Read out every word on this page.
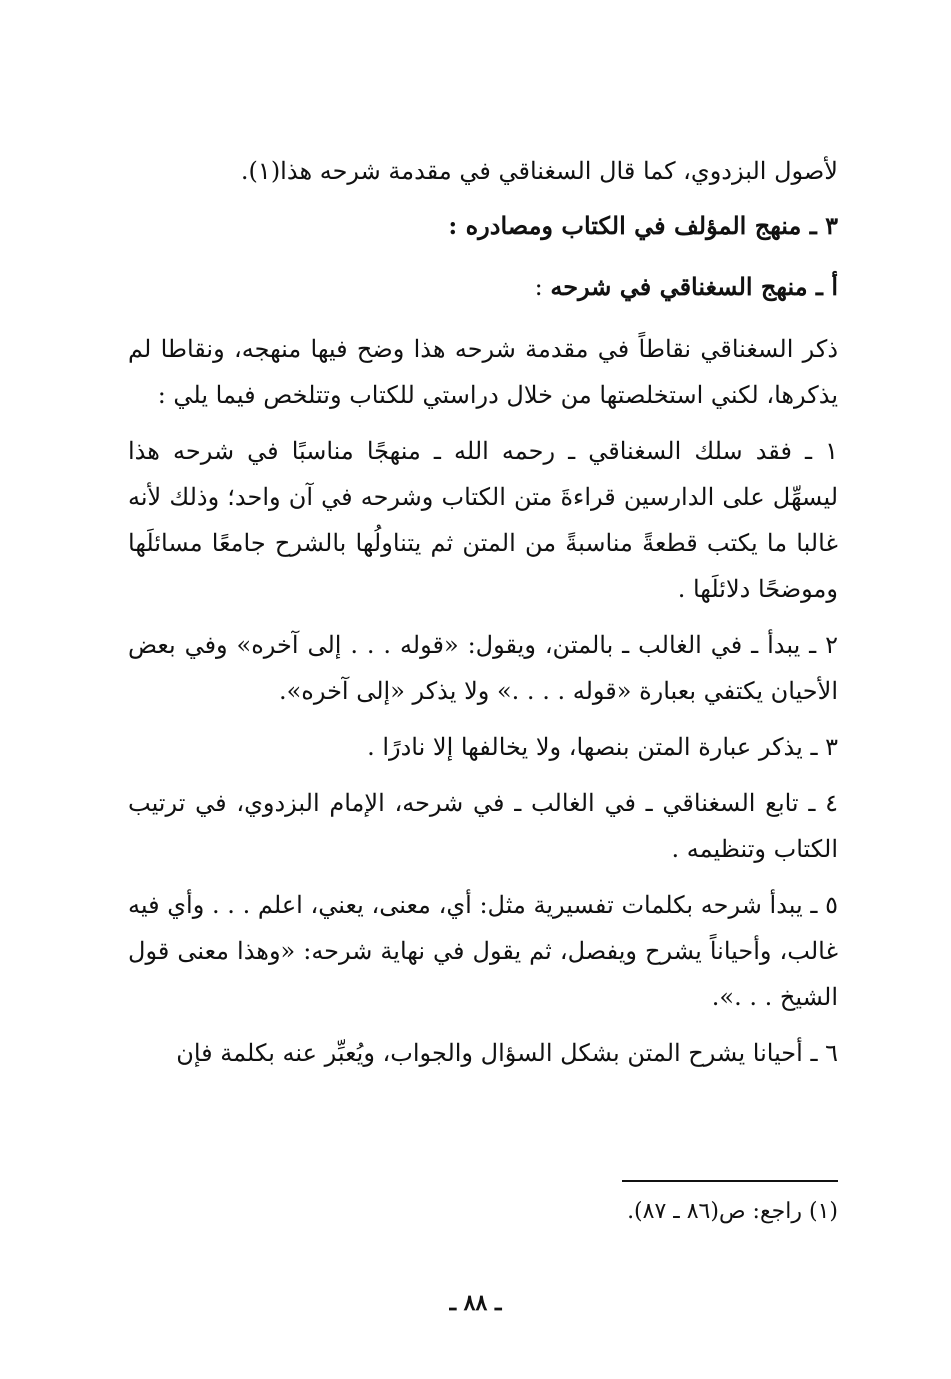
لأصول البزدوي، كما قال السغناقي في مقدمة شرحه هذا(١).

٣ ـ منهج المؤلف في الكتاب ومصادره :

أ ـ منهج السغناقي في شرحه :

ذكر السغناقي نقاطاً في مقدمة شرحه هذا وضح فيها منهجه، ونقاطا لم يذكرها، لكني استخلصتها من خلال دراستي للكتاب وتتلخص فيما يلي :

١ ـ فقد سلك السغناقي ـ رحمه الله ـ منهجًا مناسبًا في شرحه هذا ليسهِّل على الدارسين قراءةَ متن الكتاب وشرحه في آن واحد؛ وذلك لأنه غالبا ما يكتب قطعةً مناسبةً من المتن ثم يتناولُها بالشرح جامعًا مسائلَها وموضحًا دلائلَها .

٢ ـ يبدأ ـ في الغالب ـ بالمتن، ويقول: «قوله . . . إلى آخره» وفي بعض الأحيان يكتفي بعبارة «قوله . . . .» ولا يذكر «إلى آخره».

٣ ـ يذكر عبارة المتن بنصها، ولا يخالفها إلا نادرًا .

٤ ـ تابع السغناقي ـ في الغالب ـ في شرحه، الإمام البزدوي، في ترتيب الكتاب وتنظيمه .

٥ ـ يبدأ شرحه بكلمات تفسيرية مثل: أي، معنى، يعني، اعلم . . . وأي فيه غالب، وأحياناً يشرح ويفصل، ثم يقول في نهاية شرحه: «وهذا معنى قول الشيخ . . .».

٦ ـ أحيانا يشرح المتن بشكل السؤال والجواب، ويُعبِّر عنه بكلمة فإن

(١) راجع: ص(٨٦ ـ ٨٧).
ـ ٨٨ ـ
